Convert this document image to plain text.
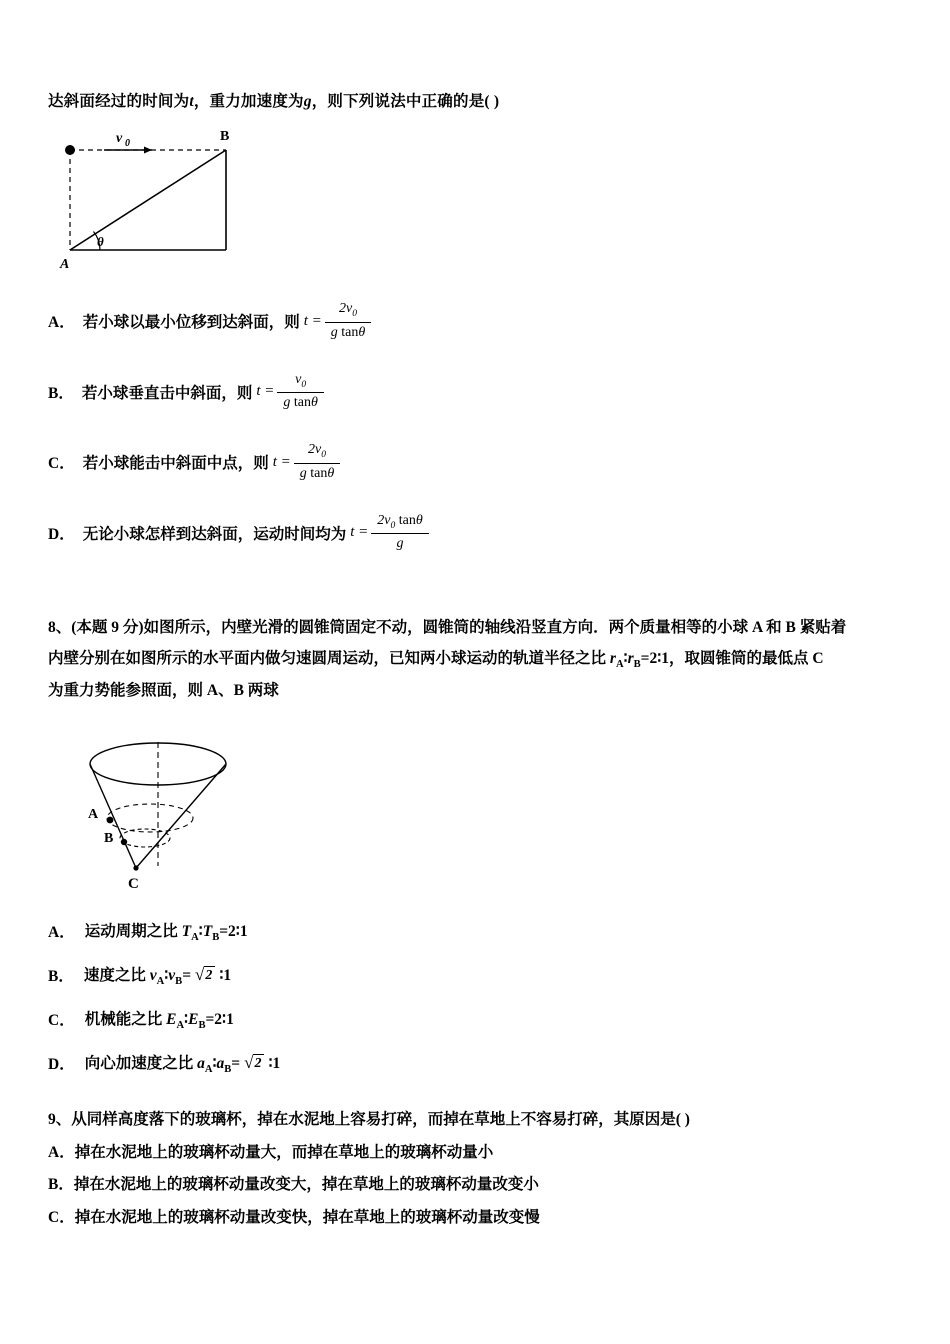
达斜面经过的时间为t，重力加速度为g，则下列说法中正确的是( )
v 0	B
A
θ
A． 若小球以最小位移到达斜面，则 $t = \frac{2v_0}{\text{g tanθ}}$
B． 若小球垂直击中斜面，则 $t = \frac{v_0}{\text{g tanθ}}$
C． 若小球能击中斜面中点，则 $t = \frac{2v_0}{\text{g tanθ}}$
D． 无论小球怎样到达斜面，运动时间均为 $t = \frac{2v_0 \tan\theta}{g}$
8、(本题 9 分)如图所示，内壁光滑的圆锥筒固定不动，圆锥筒的轴线沿竖直方向．两个质量相等的小球 A 和 B 紧贴着
内壁分别在如图所示的水平面内做匀速圆周运动，已知两小球运动的轨道半径之比 $r_A∶r_B=2∶1$，取圆锥筒的最低点 C
为重力势能参照面，则 A、B 两球
A
B
C
A． 运动周期之比 $T_A∶T_B=2∶1$
B． 速度之比 $v_A∶v_B=$ √ 2 ∶1
C． 机械能之比 $E_A∶E_B=2∶1$
D． 向心加速度之比 $a_A∶a_B=$ √ 2 ∶1
9、从同样高度落下的玻璃杯，掉在水泥地上容易打碎，而掉在草地上不容易打碎，其原因是( )
A．掉在水泥地上的玻璃杯动量大，而掉在草地上的玻璃杯动量小
B．掉在水泥地上的玻璃杯动量改变大，掉在草地上的玻璃杯动量改变小
C．掉在水泥地上的玻璃杯动量改变快，掉在草地上的玻璃杯动量改变慢
